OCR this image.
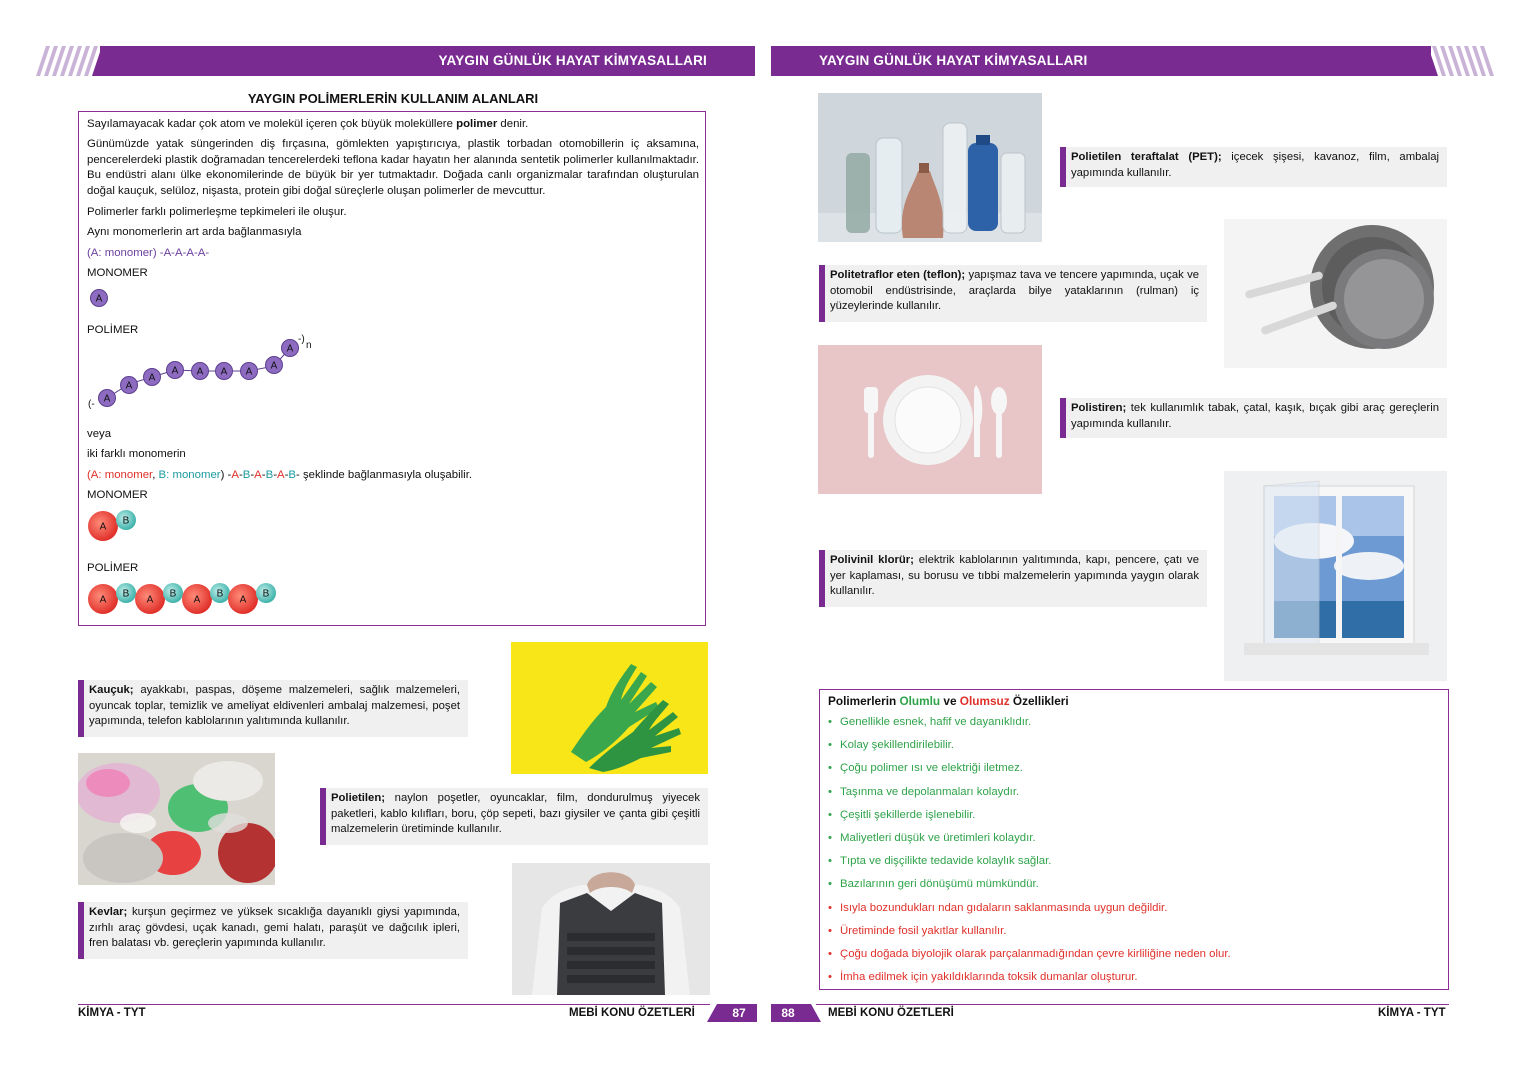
YAYGIN GÜNLÜK HAYAT KİMYASALLARI	YAYGIN GÜNLÜK HAYAT KİMYASALLARI
YAYGIN POLİMERLERİN KULLANIM ALANLARI
Sayılamayacak kadar çok atom ve molekül içeren çok büyük moleküllere polimer denir.
Günümüzde yatak süngerinden diş fırçasına, gömlekten yapıştırıcıya, plastik torbadan otomobillerin iç aksamına, pencerelerdeki plastik doğramadan tencerelerdeki teflona kadar hayatın her alanında sentetik polimerler kullanılmaktadır. Bu endüstri alanı ülke ekonomilerinde de büyük bir yer tutmaktadır. Doğada canlı organizmalar tarafından oluşturulan doğal kauçuk, selüloz, nişasta, protein gibi doğal süreçlerle oluşan polimerler de mevcuttur.
Polimerler farklı polimerleşme tepkimeleri ile oluşur.
Aynı monomerlerin art arda bağlanmasıyla
(A: monomer) -A-A-A-A-
MONOMER
A
POLİMER
(- A
A
A
A A A A
A
A
-)
n
veya
iki farklı monomerin
(A: monomer, B: monomer) -A-B-A-B-A-B- şeklinde bağlanmasıyla oluşabilir.
MONOMER
A
B
POLİMER
A
B
A
B
A
B
A
B
Kauçuk; ayakkabı, paspas, döşeme malzemeleri, sağlık malzemeleri, oyuncak toplar, temizlik ve ameliyat eldivenleri ambalaj malzemesi, poşet yapımında, telefon kablolarının yalıtımında kullanılır.
Polietilen; naylon poşetler, oyuncaklar, film, dondurulmuş yiyecek paketleri, kablo kılıfları, boru, çöp sepeti, bazı giysiler ve çanta gibi çeşitli malzemelerin üretiminde kullanılır.
Kevlar; kurşun geçirmez ve yüksek sıcaklığa dayanıklı giysi yapımında, zırhlı araç gövdesi, uçak kanadı, gemi halatı, paraşüt ve dağcılık ipleri, fren balatası vb. gereçlerin yapımında kullanılır.
Polietilen teraftalat (PET); içecek şişesi, kavanoz, film, ambalaj yapımında kullanılır.
Politetraflor eten (teflon); yapışmaz tava ve tencere yapımında, uçak ve otomobil endüstrisinde, araçlarda bilye yataklarının (rulman) iç yüzeylerinde kullanılır.
Polistiren; tek kullanımlık tabak, çatal, kaşık, bıçak gibi araç gereçlerin yapımında kullanılır.
Polivinil klorür; elektrik kablolarının yalıtımında, kapı, pencere, çatı ve yer kaplaması, su borusu ve tıbbi malzemelerin yapımında yaygın olarak kullanılır.
Polimerlerin Olumlu ve Olumsuz Özellikleri
• Genellikle esnek, hafif ve dayanıklıdır.
• Kolay şekillendirilebilir.
• Çoğu polimer ısı ve elektriği iletmez.
• Taşınma ve depolanmaları kolaydır.
• Çeşitli şekillerde işlenebilir.
• Maliyetleri düşük ve üretimleri kolaydır.
• Tıpta ve dişçilikte tedavide kolaylık sağlar.
• Bazılarının geri dönüşümü mümkündür.
• Isıyla bozundukları ndan gıdaların saklanmasında uygun değildir.
• Üretiminde fosil yakıtlar kullanılır.
• Çoğu doğada biyolojik olarak parçalanmadığından çevre kirliliğine neden olur.
• İmha edilmek için yakıldıklarında toksik dumanlar oluşturur.
KİMYA - TYT	MEBİ KONU ÖZETLERİ	87	88	MEBİ KONU ÖZETLERİ	KİMYA - TYT
